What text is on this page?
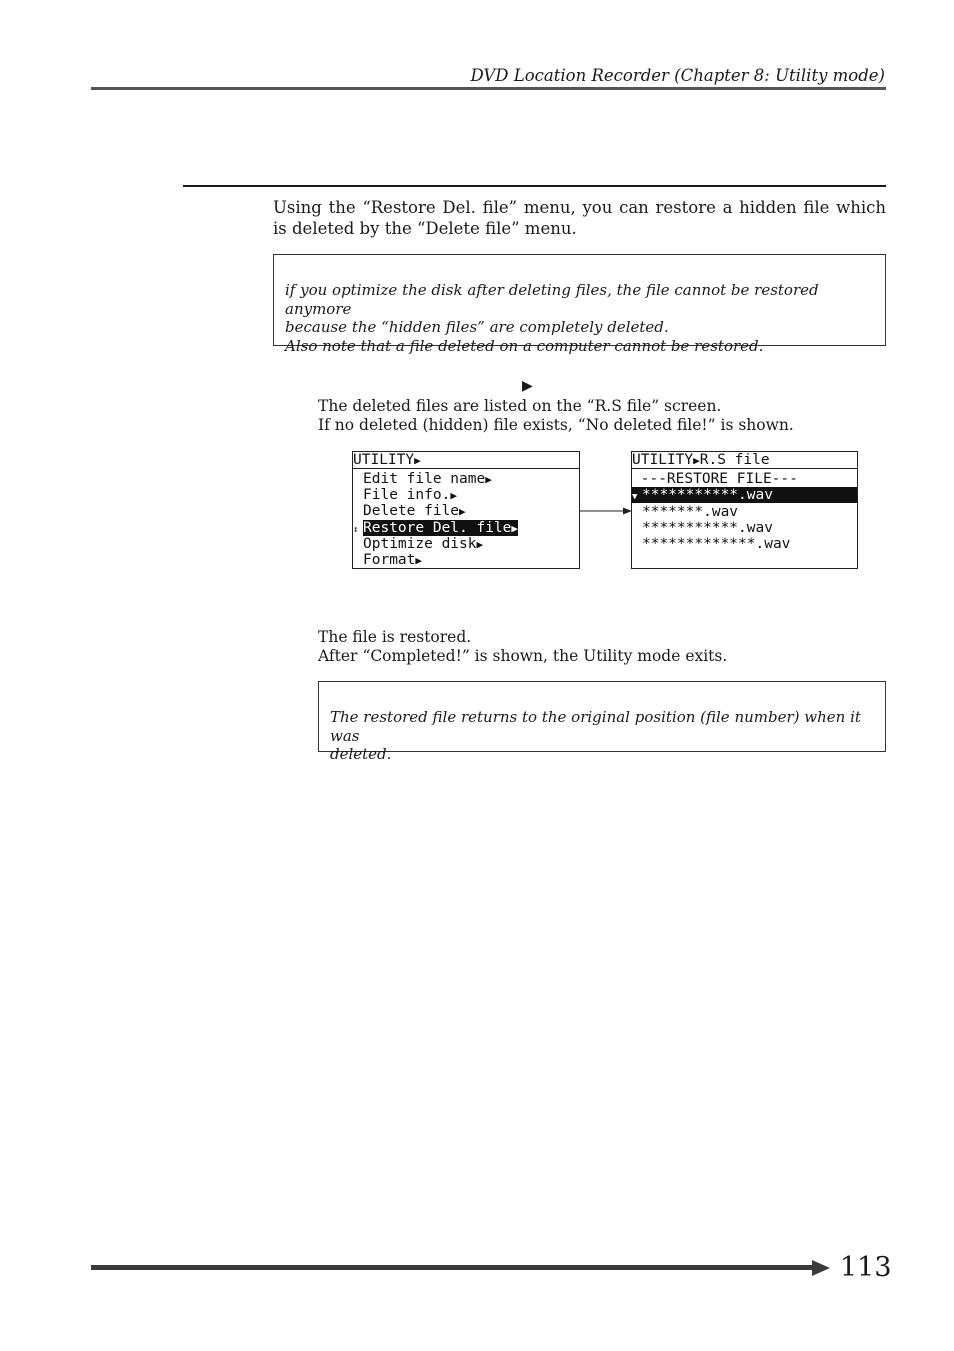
DVD Location Recorder (Chapter 8: Utility mode)
Using the “Restore Del. file” menu, you can restore a hidden file which is deleted by the “Delete file” menu.
if you optimize the disk after deleting files, the file cannot be restored anymore
because the “hidden files” are completely deleted.
Also note that a file deleted on a computer cannot be restored.
▶
The deleted files are listed on the “R.S file” screen.
If no deleted (hidden) file exists, “No deleted file!” is shown.
UTILITY▶
Edit file name▶
File info.▶
Delete file▶
↕ Restore Del. file▶
Optimize disk▶
Format▶
UTILITY▶R.S file
 ---RESTORE FILE---
▼ ***********.wav
*******.wav
***********.wav
*************.wav
The file is restored.
After “Completed!” is shown, the Utility mode exits.
The restored file returns to the original position (file number) when it was
deleted.
113
